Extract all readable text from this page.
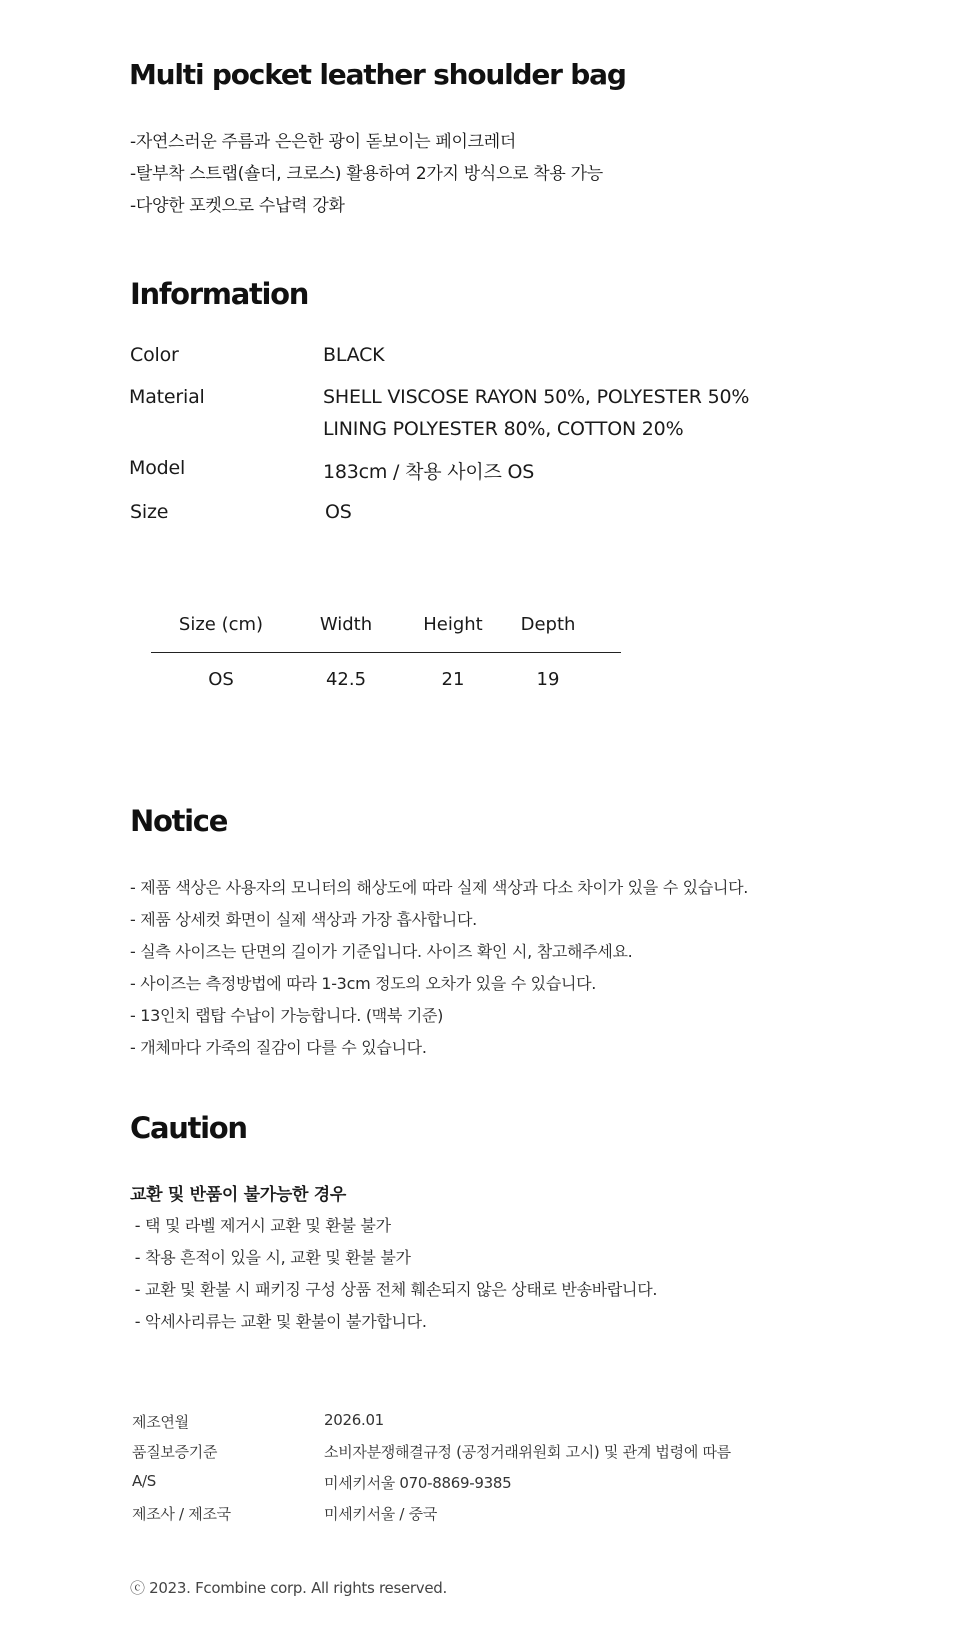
Multi pocket leather shoulder bag
-자연스러운 주름과 은은한 광이 돋보이는 페이크레더
-탈부착 스트랩(숄더, 크로스) 활용하여 2가지 방식으로 착용 가능
-다양한 포켓으로 수납력 강화
Information
Color	BLACK
Material	SHELL VISCOSE RAYON 50%, POLYESTER 50%
LINING POLYESTER 80%, COTTON 20%
Model	183cm / 착용 사이즈 OS
Size	OS
Size (cm)	Width	Height	Depth
OS	42.5	21	19
Notice
- 제품 색상은 사용자의 모니터의 해상도에 따라 실제 색상과 다소 차이가 있을 수 있습니다.
- 제품 상세컷 화면이 실제 색상과 가장 흡사합니다.
- 실측 사이즈는 단면의 길이가 기준입니다. 사이즈 확인 시, 참고해주세요.
- 사이즈는 측정방법에 따라 1-3cm 정도의 오차가 있을 수 있습니다.
- 13인치 랩탑 수납이 가능합니다. (맥북 기준)
- 개체마다 가죽의 질감이 다를 수 있습니다.
Caution
교환 및 반품이 불가능한 경우
- 택 및 라벨 제거시 교환 및 환불 불가
- 착용 흔적이 있을 시, 교환 및 환불 불가
- 교환 및 환불 시 패키징 구성 상품 전체 훼손되지 않은 상태로 반송바랍니다.
- 악세사리류는 교환 및 환불이 불가합니다.
제조연월	2026.01
품질보증기준	소비자분쟁해결규정 (공정거래위원회 고시) 및 관계 법령에 따름
A/S	미세키서울 070-8869-9385
제조사 / 제조국	미세키서울 / 중국
ⓒ 2023. Fcombine corp. All rights reserved.
